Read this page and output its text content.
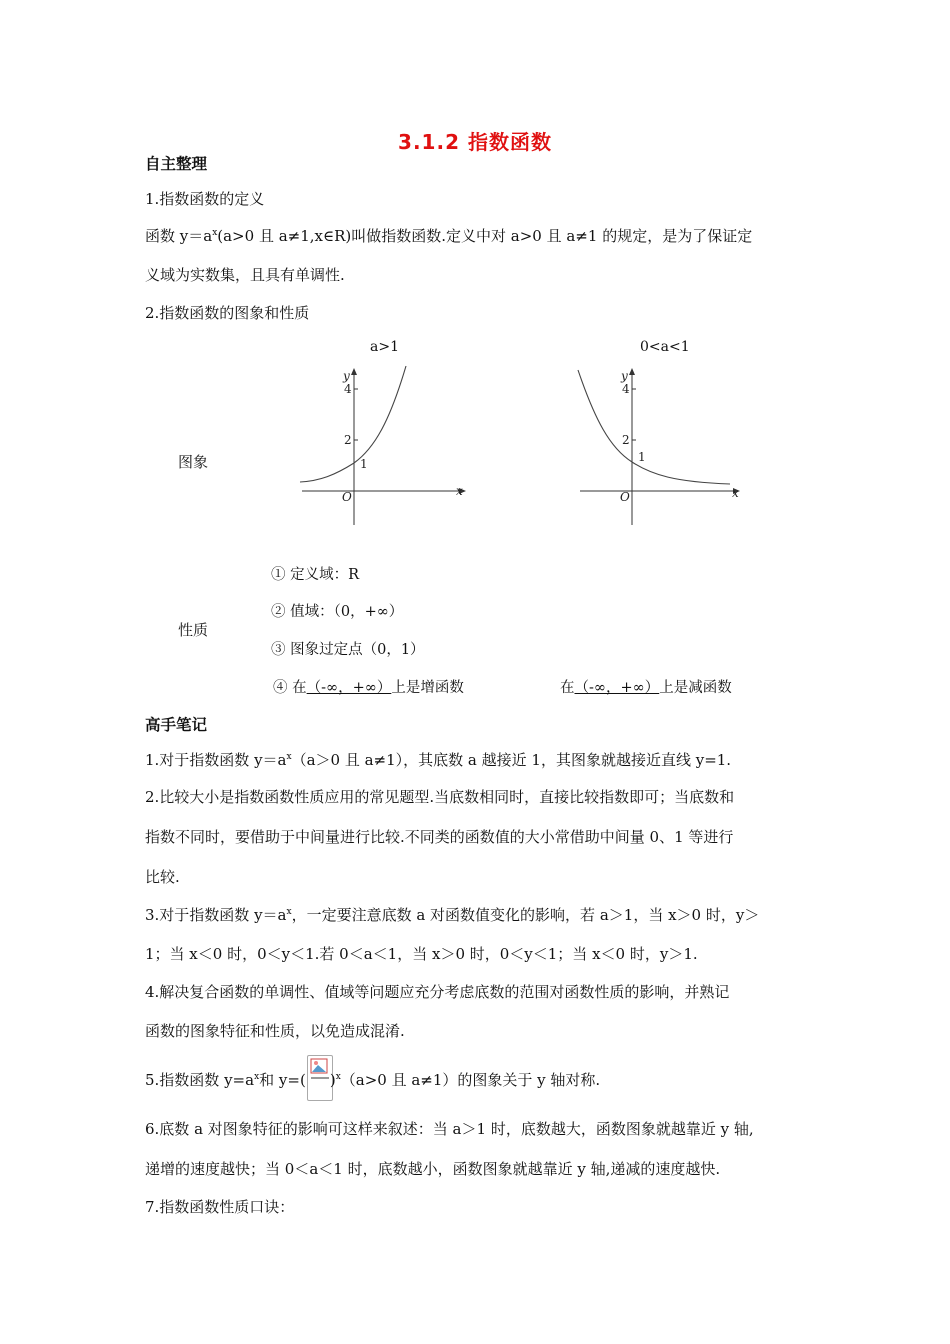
3.1.2 指数函数
自主整理
1.指数函数的定义
函数 $y=a^x(a>0$ 且 a≠1,x∈R)叫做指数函数.定义中对 a>0 且 a≠1 的规定，是为了保证定
义域为实数集，且具有单调性.
2.指数函数的图象和性质
a>1	0<a<1
图象
y
4
2
1
O	x
y
4
2
1
O	x
性质
① 定义域：R
② 值域：（0，+∞）
③ 图象过定点（0，1）
④ 在（-∞，+∞）上是增函数	在（-∞，+∞）上是减函数
高手笔记
1.对于指数函数 $y=a^x(a>0$ 且 a≠1），其底数 a 越接近 1，其图象就越接近直线 y=1.
2.比较大小是指数函数性质应用的常见题型.当底数相同时，直接比较指数即可；当底数和
指数不同时，要借助于中间量进行比较.不同类的函数值的大小常借助中间量 0、1 等进行
比较.
3.对于指数函数 $y=a^x$，一定要注意底数 a 对函数值变化的影响，若 a＞1，当 x＞0 时，y＞
1；当 x＜0 时，0＜y＜1.若 0＜a＜1，当 x＞0 时，0＜y＜1；当 x＜0 时，y＞1.
4.解决复合函数的单调性、值域等问题应充分考虑底数的范围对函数性质的影响，并熟记
函数的图象特征和性质，以免造成混淆.
5.指数函数 $y=a^x$和 y=( )$^x$（a>0 且 a≠1）的图象关于 y 轴对称.
6.底数 a 对图象特征的影响可这样来叙述：当 a＞1 时，底数越大，函数图象就越靠近 y 轴,
递增的速度越快；当 0＜a＜1 时，底数越小，函数图象就越靠近 y 轴,递减的速度越快.
7.指数函数性质口诀：
